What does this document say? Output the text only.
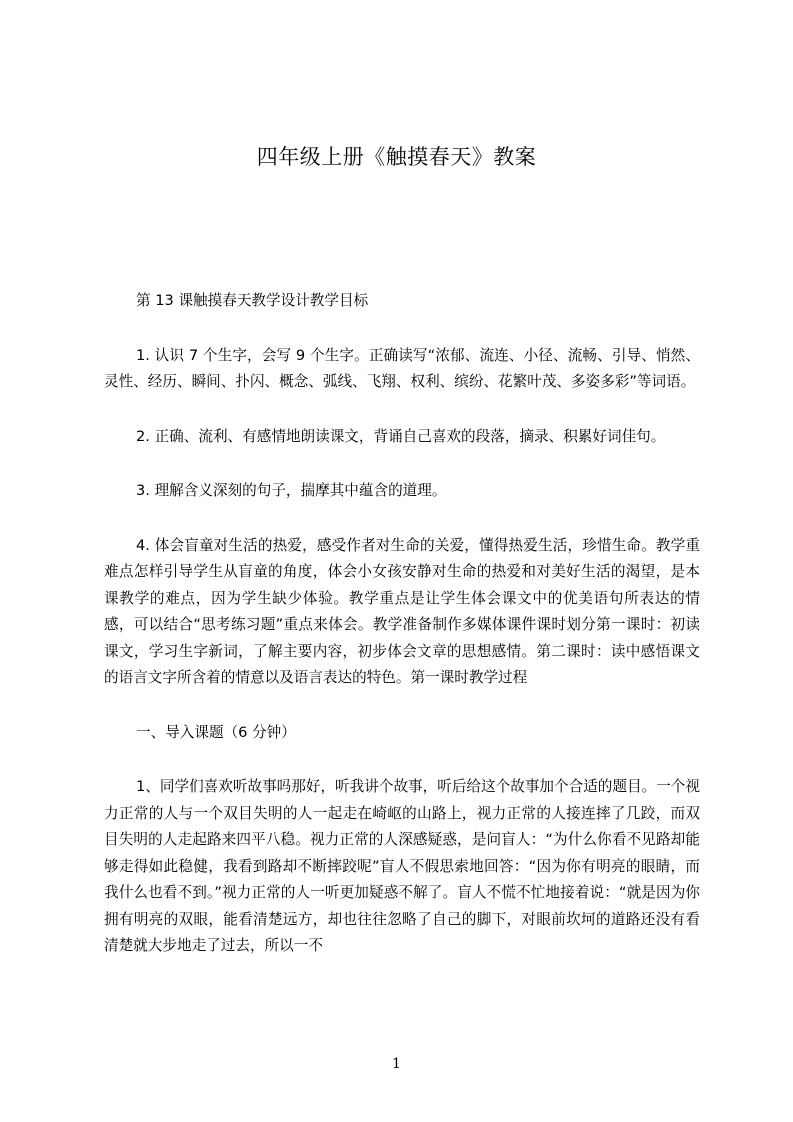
四年级上册《触摸春天》教案

第 13 课触摸春天教学设计教学目标

1. 认识 7 个生字，会写 9 个生字。正确读写“浓郁、流连、小径、流畅、引导、悄然、灵性、经历、瞬间、扑闪、概念、弧线、飞翔、权利、缤纷、花繁叶茂、多姿多彩”等词语。

2. 正确、流利、有感情地朗读课文，背诵自己喜欢的段落，摘录、积累好词佳句。

3. 理解含义深刻的句子，揣摩其中蕴含的道理。

4. 体会盲童对生活的热爱，感受作者对生命的关爱，懂得热爱生活，珍惜生命。教学重难点怎样引导学生从盲童的角度，体会小女孩安静对生命的热爱和对美好生活的渴望，是本课教学的难点，因为学生缺少体验。教学重点是让学生体会课文中的优美语句所表达的情感，可以结合“思考练习题”重点来体会。教学准备制作多媒体课件课时划分第一课时：初读课文，学习生字新词，了解主要内容，初步体会文章的思想感情。第二课时：读中感悟课文的语言文字所含着的情意以及语言表达的特色。第一课时教学过程

一、导入课题（6 分钟）

1、同学们喜欢听故事吗那好，听我讲个故事，听后给这个故事加个合适的题目。一个视力正常的人与一个双目失明的人一起走在崎岖的山路上，视力正常的人接连摔了几跤，而双目失明的人走起路来四平八稳。视力正常的人深感疑惑，是问盲人：“为什么你看不见路却能够走得如此稳健，我看到路却不断摔跤呢”盲人不假思索地回答：“因为你有明亮的眼睛，而我什么也看不到。”视力正常的人一听更加疑惑不解了。盲人不慌不忙地接着说：“就是因为你拥有明亮的双眼，能看清楚远方，却也往往忽略了自己的脚下，对眼前坎坷的道路还没有看清楚就大步地走了过去，所以一不

1
